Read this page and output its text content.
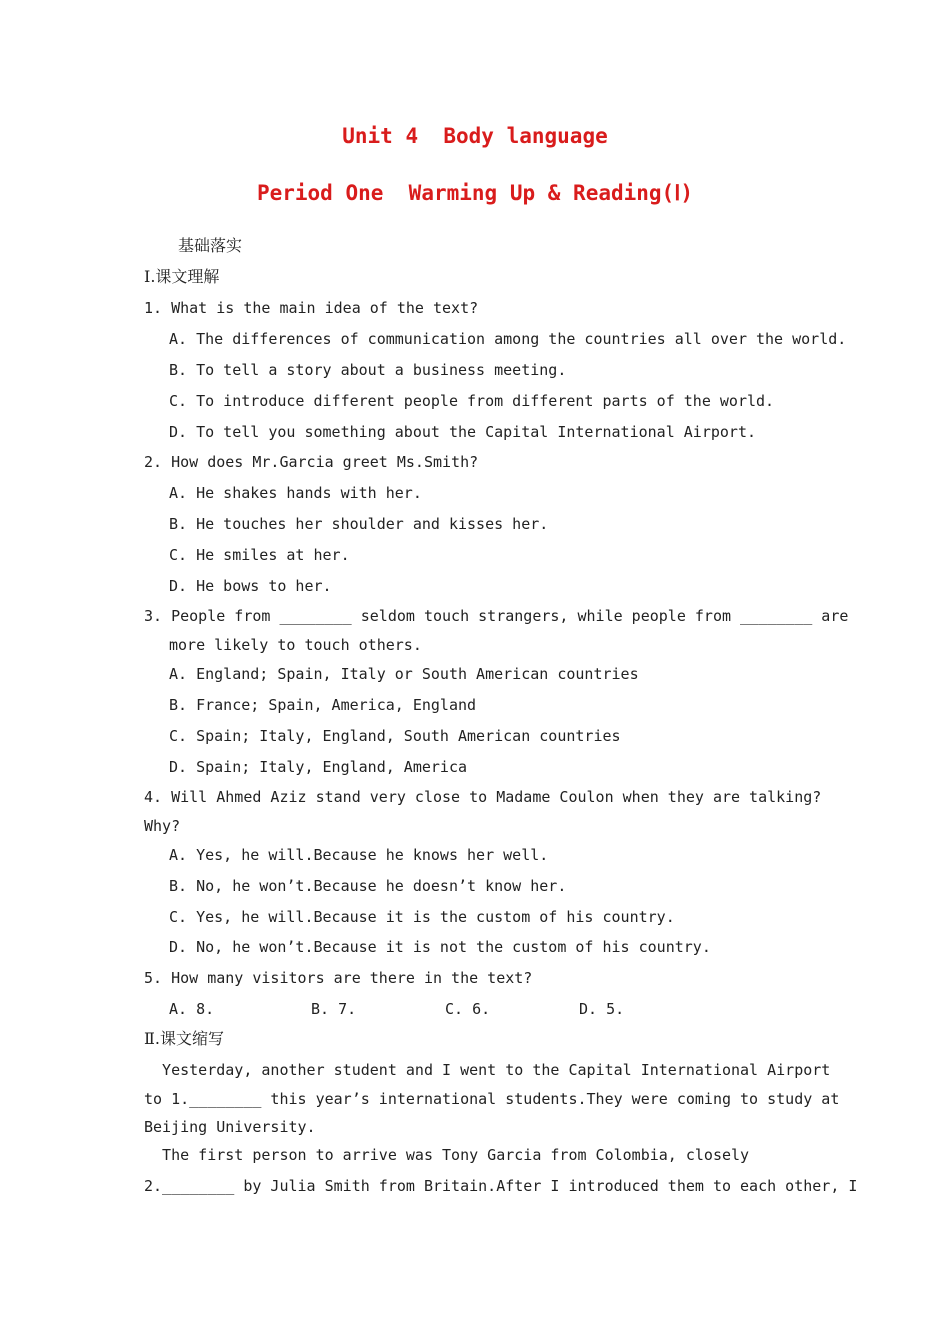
Unit 4  Body language
Period One  Warming Up & Reading(Ⅰ)
基础落实
Ⅰ.课文理解
1. What is the main idea of the text?
A. The differences of communication among the countries all over the world.
B. To tell a story about a business meeting.
C. To introduce different people from different parts of the world.
D. To tell you something about the Capital International Airport.
2. How does Mr.Garcia greet Ms.Smith?
A. He shakes hands with her.
B. He touches her shoulder and kisses her.
C. He smiles at her.
D. He bows to her.
3. People from ________ seldom touch strangers, while people from ________ are
more likely to touch others.
A. England; Spain, Italy or South American countries
B. France; Spain, America, England
C. Spain; Italy, England, South American countries
D. Spain; Italy, England, America
4. Will Ahmed Aziz stand very close to Madame Coulon when they are talking?
Why?
A. Yes, he will.Because he knows her well.
B. No, he won’t.Because he doesn’t know her.
C. Yes, he will.Because it is the custom of his country.
D. No, he won’t.Because it is not the custom of his country.
5. How many visitors are there in the text?
A. 8.	B. 7.	C. 6.	D. 5.
Ⅱ.课文缩写
Yesterday, another student and I went to the Capital International Airport
to 1.________ this year’s international students.They were coming to study at
Beijing University.
The first person to arrive was Tony Garcia from Colombia, closely
2.________ by Julia Smith from Britain.After I introduced them to each other, I
